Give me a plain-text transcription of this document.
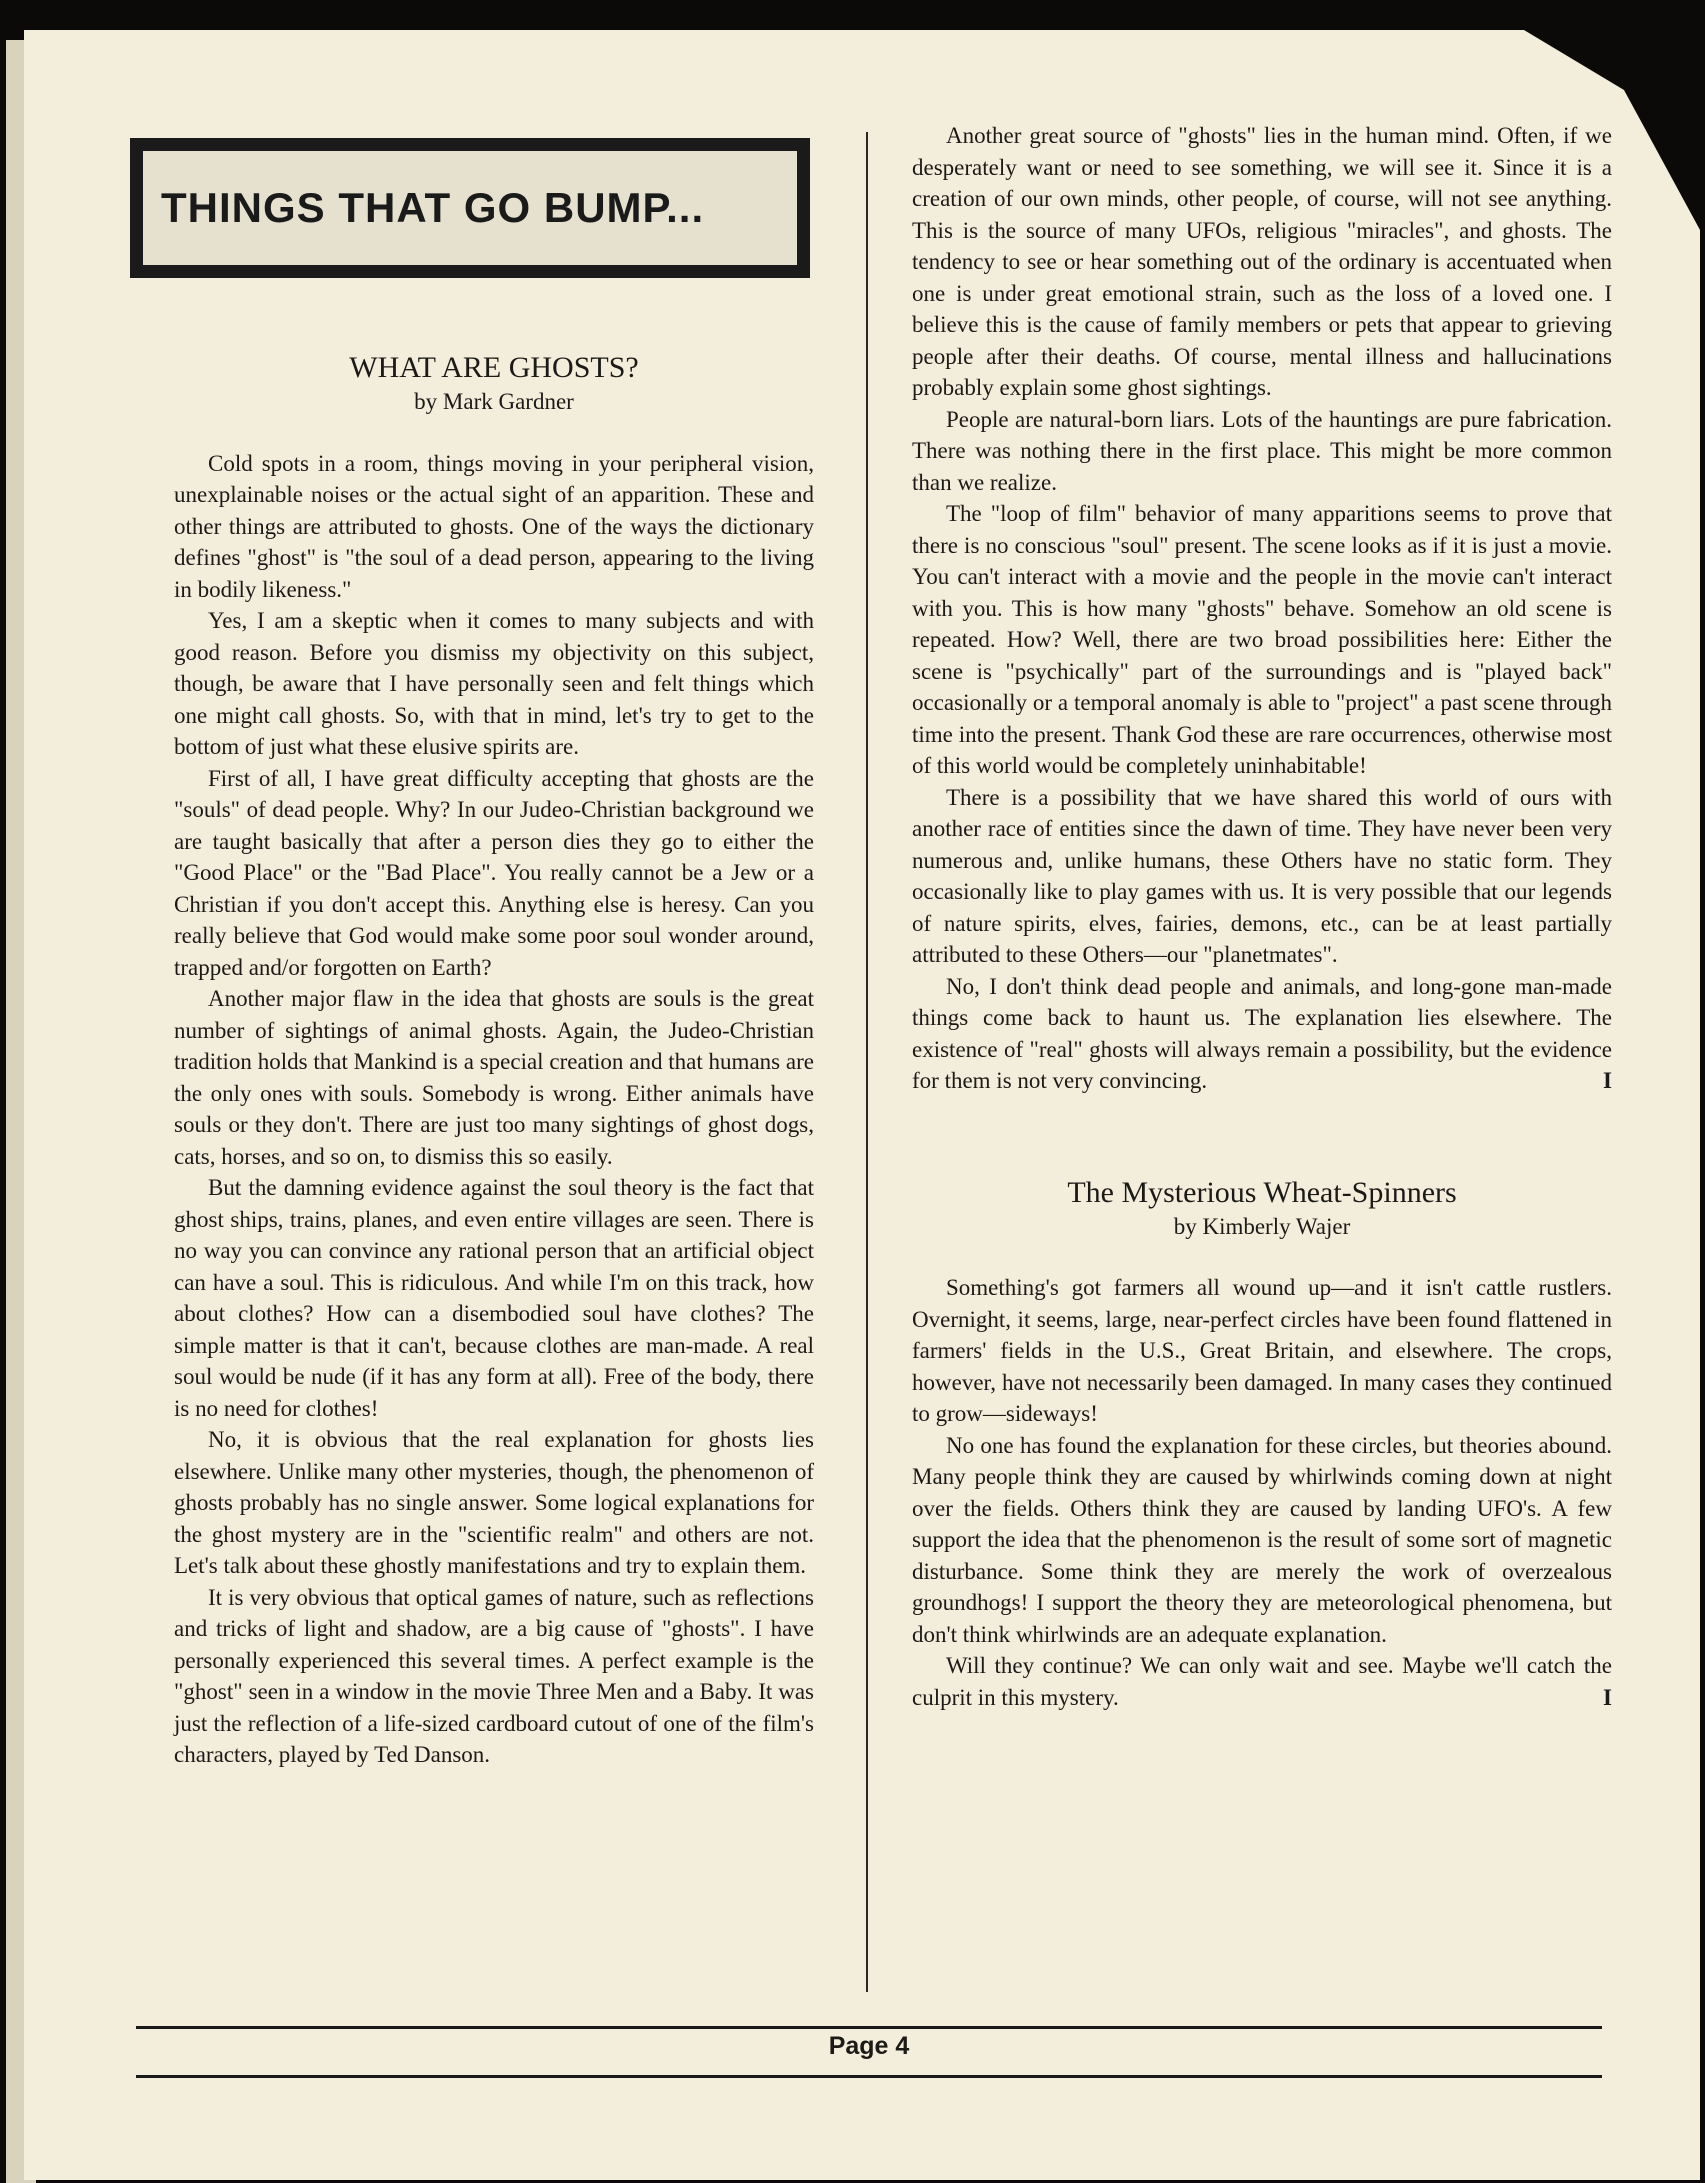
THINGS THAT GO BUMP...
WHAT ARE GHOSTS?
by Mark Gardner

Cold spots in a room, things moving in your peripheral vision, unexplainable noises or the actual sight of an apparition. These and other things are attributed to ghosts. One of the ways the dictionary defines "ghost" is "the soul of a dead person, appearing to the living in bodily likeness."

Yes, I am a skeptic when it comes to many subjects and with good reason. Before you dismiss my objectivity on this subject, though, be aware that I have personally seen and felt things which one might call ghosts. So, with that in mind, let's try to get to the bottom of just what these elusive spirits are.

First of all, I have great difficulty accepting that ghosts are the "souls" of dead people. Why? In our Judeo-Christian background we are taught basically that after a person dies they go to either the "Good Place" or the "Bad Place". You really cannot be a Jew or a Christian if you don't accept this. Anything else is heresy. Can you really believe that God would make some poor soul wonder around, trapped and/or forgotten on Earth?

Another major flaw in the idea that ghosts are souls is the great number of sightings of animal ghosts. Again, the Judeo-Christian tradition holds that Mankind is a special creation and that humans are the only ones with souls. Somebody is wrong. Either animals have souls or they don't. There are just too many sightings of ghost dogs, cats, horses, and so on, to dismiss this so easily.

But the damning evidence against the soul theory is the fact that ghost ships, trains, planes, and even entire villages are seen. There is no way you can convince any rational person that an artificial object can have a soul. This is ridiculous. And while I'm on this track, how about clothes? How can a disembodied soul have clothes? The simple matter is that it can't, because clothes are man-made. A real soul would be nude (if it has any form at all). Free of the body, there is no need for clothes!

No, it is obvious that the real explanation for ghosts lies elsewhere. Unlike many other mysteries, though, the phenomenon of ghosts probably has no single answer. Some logical explanations for the ghost mystery are in the "scientific realm" and others are not. Let's talk about these ghostly manifestations and try to explain them.

It is very obvious that optical games of nature, such as reflections and tricks of light and shadow, are a big cause of "ghosts". I have personally experienced this several times. A perfect example is the "ghost" seen in a window in the movie Three Men and a Baby. It was just the reflection of a life-sized cardboard cutout of one of the film's characters, played by Ted Danson.

Another great source of "ghosts" lies in the human mind. Often, if we desperately want or need to see something, we will see it. Since it is a creation of our own minds, other people, of course, will not see anything. This is the source of many UFOs, religious "miracles", and ghosts. The tendency to see or hear something out of the ordinary is accentuated when one is under great emotional strain, such as the loss of a loved one. I believe this is the cause of family members or pets that appear to grieving people after their deaths. Of course, mental illness and hallucinations probably explain some ghost sightings.

People are natural-born liars. Lots of the hauntings are pure fabrication. There was nothing there in the first place. This might be more common than we realize.

The "loop of film" behavior of many apparitions seems to prove that there is no conscious "soul" present. The scene looks as if it is just a movie. You can't interact with a movie and the people in the movie can't interact with you. This is how many "ghosts" behave. Somehow an old scene is repeated. How? Well, there are two broad possibilities here: Either the scene is "psychically" part of the surroundings and is "played back" occasionally or a temporal anomaly is able to "project" a past scene through time into the present. Thank God these are rare occurrences, otherwise most of this world would be completely uninhabitable!

There is a possibility that we have shared this world of ours with another race of entities since the dawn of time. They have never been very numerous and, unlike humans, these Others have no static form. They occasionally like to play games with us. It is very possible that our legends of nature spirits, elves, fairies, demons, etc., can be at least partially attributed to these Others—our "planetmates".

No, I don't think dead people and animals, and long-gone man-made things come back to haunt us. The explanation lies elsewhere. The existence of "real" ghosts will always remain a possibility, but the evidence for them is not very convincing.	I

The Mysterious Wheat-Spinners
by Kimberly Wajer

Something's got farmers all wound up—and it isn't cattle rustlers. Overnight, it seems, large, near-perfect circles have been found flattened in farmers' fields in the U.S., Great Britain, and elsewhere. The crops, however, have not necessarily been damaged. In many cases they continued to grow—sideways!

No one has found the explanation for these circles, but theories abound. Many people think they are caused by whirlwinds coming down at night over the fields. Others think they are caused by landing UFO's. A few support the idea that the phenomenon is the result of some sort of magnetic disturbance. Some think they are merely the work of overzealous groundhogs! I support the theory they are meteorological phenomena, but don't think whirlwinds are an adequate explanation.

Will they continue? We can only wait and see. Maybe we'll catch the culprit in this mystery.	I

Page 4
